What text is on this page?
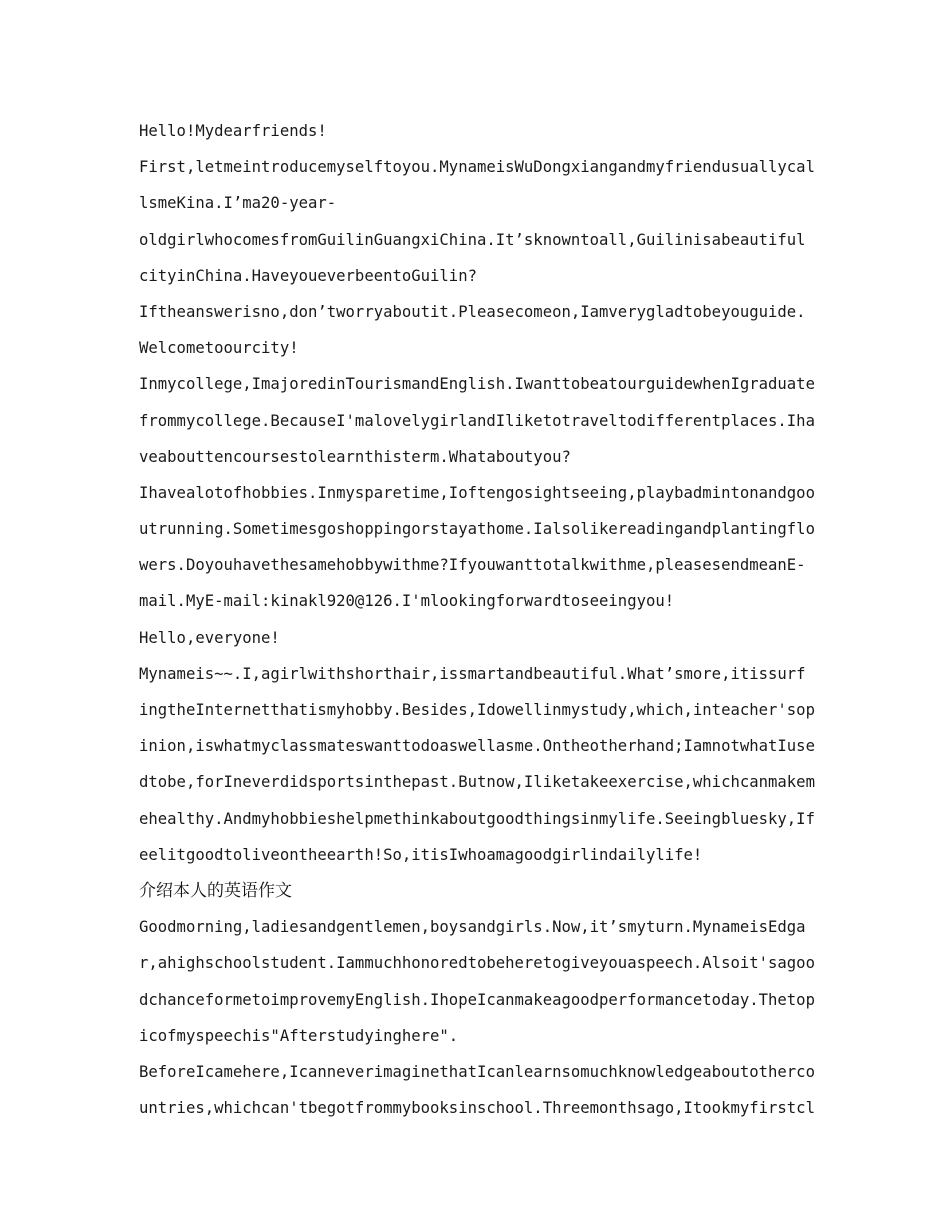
Hello!Mydearfriends!
First,letmeintroducemyselftoyou.MynameisWuDongxiangandmyfriendusuallycal
lsmeKina.I’ma20-year-
oldgirlwhocomesfromGuilinGuangxiChina.It’sknowntoall,Guilinisabeautiful
cityinChina.HaveyoueverbeentoGuilin?
Iftheanswerisno,don’tworryaboutit.Pleasecomeon,Iamverygladtobeyouguide.
Welcometoourcity!
Inmycollege,ImajoredinTourismandEnglish.IwanttobeatourguidewhenIgraduate
frommycollege.BecauseI'malovelygirlandIliketotraveltodifferentplaces.Iha
veabouttencoursestolearnthisterm.Whataboutyou?
Ihavealotofhobbies.Inmysparetime,Ioftengosightseeing,playbadmintonandgoo
utrunning.Sometimesgoshoppingorstayathome.Ialsolikereadingandplantingflo
wers.Doyouhavethesamehobbywithme?Ifyouwanttotalkwithme,pleasesendmeanE-
mail.MyE-mail:kinakl920@126.I'mlookingforwardtoseeingyou!
Hello,everyone!
Mynameis~~.I,agirlwithshorthair,issmartandbeautiful.What’smore,itissurf
ingtheInternetthatismyhobby.Besides,Idowellinmystudy,which,inteacher'sop
inion,iswhatmyclassmateswanttodoaswellasme.Ontheotherhand;IamnotwhatIuse
dtobe,forIneverdidsportsinthepast.Butnow,Iliketakeexercise,whichcanmakem
ehealthy.Andmyhobbieshelpmethinkaboutgoodthingsinmylife.Seeingbluesky,If
eelitgoodtoliveontheearth!So,itisIwhoamagoodgirlindailylife!
介绍本人的英语作文
Goodmorning,ladiesandgentlemen,boysandgirls.Now,it’smyturn.MynameisEdga
r,ahighschoolstudent.Iammuchhonoredtobeheretogiveyouaspeech.Alsoit'sagoo
dchanceformetoimprovemyEnglish.IhopeIcanmakeagoodperformancetoday.Thetop
icofmyspeechis"Afterstudyinghere".
BeforeIcamehere,IcanneverimaginethatIcanlearnsomuchknowledgeaboutotherco
untries,whichcan'tbegotfrommybooksinschool.Threemonthsago,Itookmyfirstcl
